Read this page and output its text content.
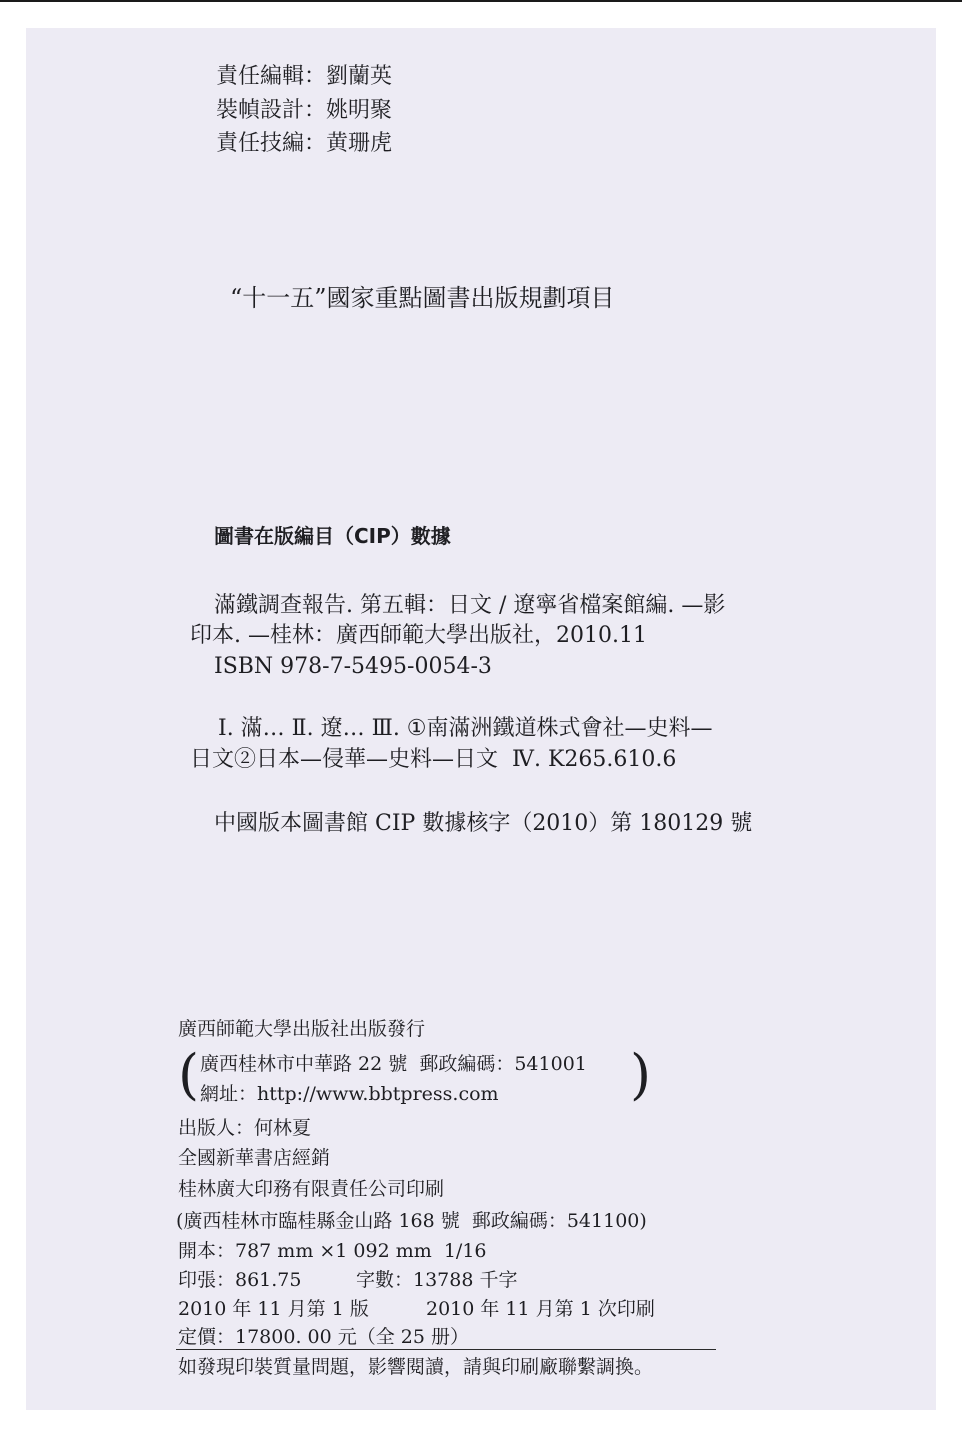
責任編輯：劉蘭英
裝幀設計：姚明聚
責任技編：黄珊虎
“十一五”國家重點圖書出版規劃項目
圖書在版編目（CIP）數據
滿鐵調查報告. 第五輯：日文 / 遼寧省檔案館編. —影
印本. —桂林：廣西師範大學出版社，2010.11
ISBN 978-7-5495-0054-3
Ⅰ. 滿… Ⅱ. 遼… Ⅲ. ①南滿洲鐵道株式會社—史料—
日文②日本—侵華—史料—日文  Ⅳ. K265.610.6
中國版本圖書館 CIP 數據核字（2010）第 180129 號
廣西師範大學出版社出版發行
( 廣西桂林市中華路 22 號  郵政編碼：541001
網址：http://www.bbtpress.com )
出版人：何林夏
全國新華書店經銷
桂林廣大印務有限責任公司印刷
(廣西桂林市臨桂縣金山路 168 號  郵政編碼：541100)
開本：787 mm ×1 092 mm  1/16
印張：861.75	字數：13788 千字
2010 年 11 月第 1 版	2010 年 11 月第 1 次印刷
定價：17800. 00 元（全 25 册）
如發現印裝質量問題，影響閱讀，請與印刷廠聯繫調換。
